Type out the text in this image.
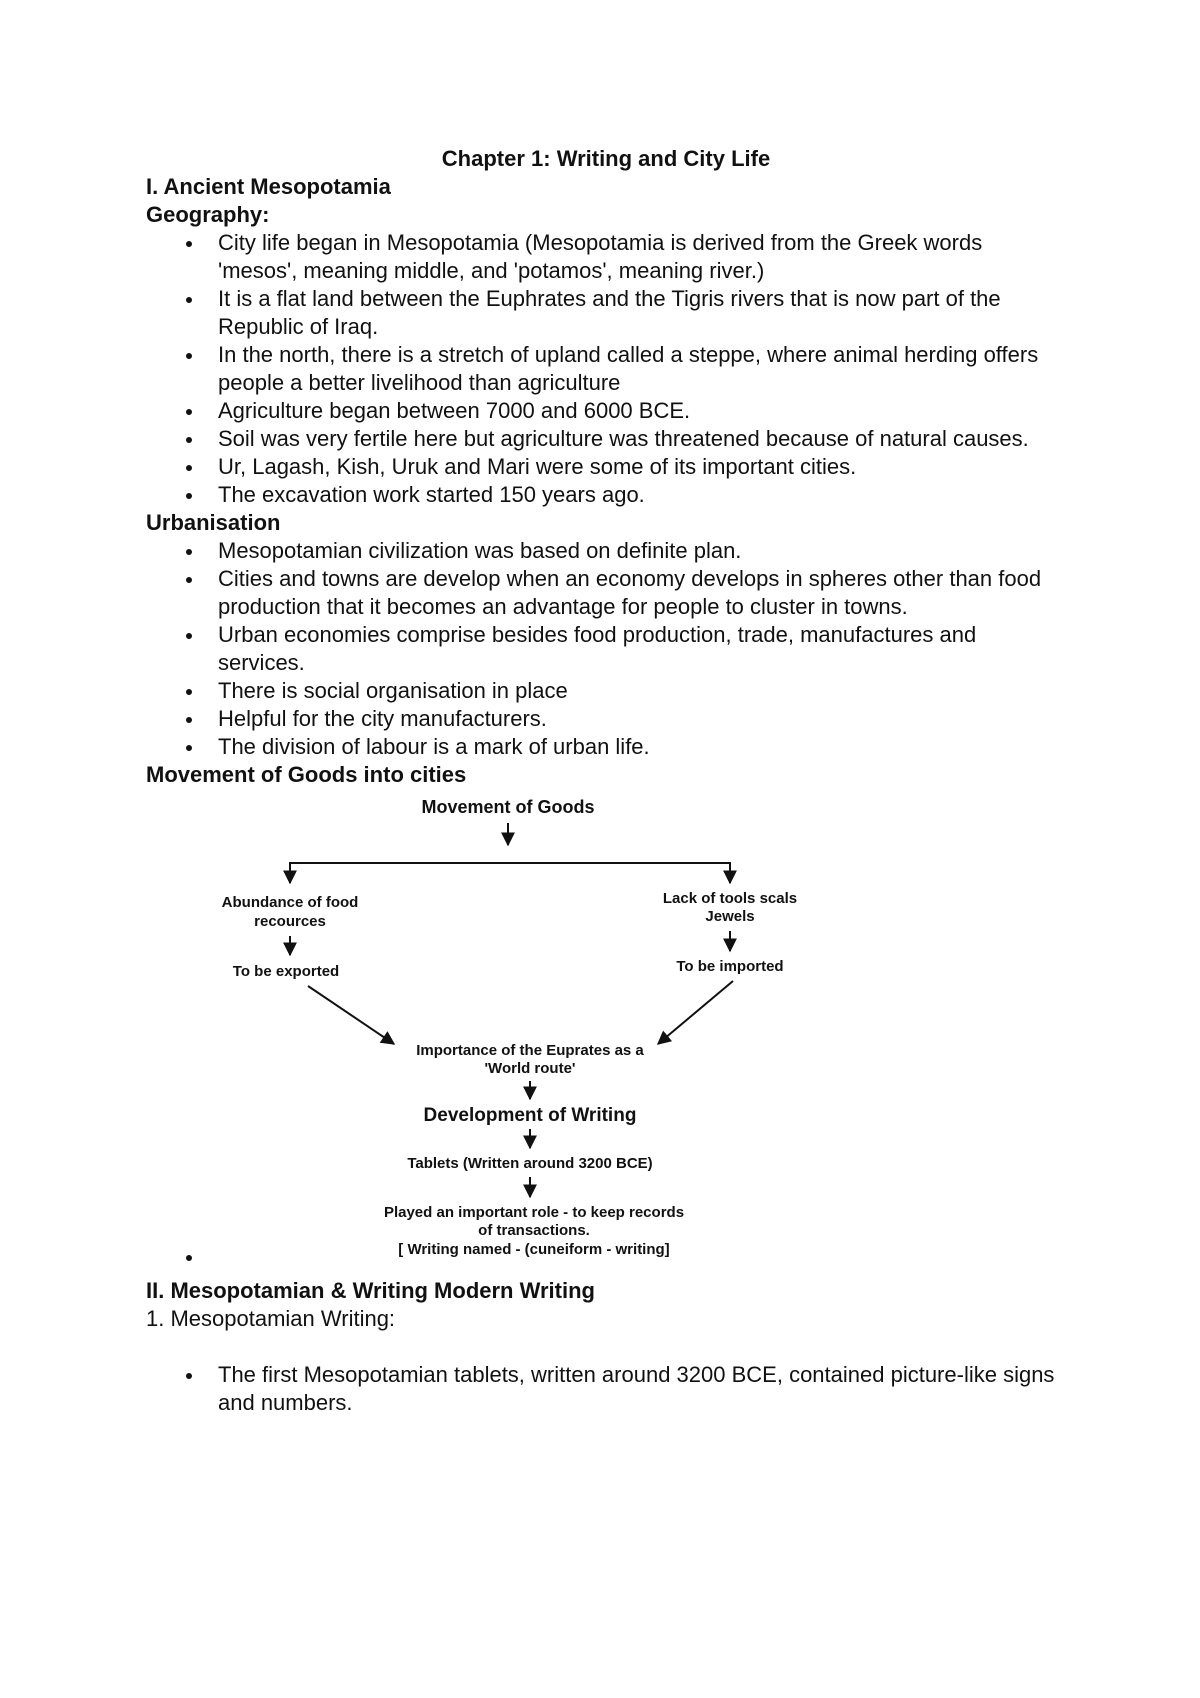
Chapter 1: Writing and City Life
I. Ancient Mesopotamia
Geography:
City life began in Mesopotamia (Mesopotamia is derived from the Greek words 'mesos', meaning middle, and 'potamos', meaning river.)
It is a flat land between the Euphrates and the Tigris rivers that is now part of the Republic of Iraq.
In the north, there is a stretch of upland called a steppe, where animal herding offers people a better livelihood than agriculture
Agriculture began between 7000 and 6000 BCE.
Soil was very fertile here but agriculture was threatened because of natural causes.
Ur, Lagash, Kish, Uruk and Mari were some of its important cities.
The excavation work started 150 years ago.
Urbanisation
Mesopotamian civilization was based on definite plan.
Cities and towns are develop when an economy develops in spheres other than food production that it becomes an advantage for people to cluster in towns.
Urban economies comprise besides food production, trade, manufactures and services.
There is social organisation in place
Helpful for the city manufacturers.
The division of labour is a mark of urban life.
Movement of Goods into cities
Movement of Goods
Abundance of food
recources
To be exported
Lack of tools scals
Jewels
To be imported
Importance of the Euprates as a
'World route'
Development of Writing
Tablets (Written around 3200 BCE)
Played an important role - to keep records
of transactions.
[ Writing named - (cuneiform - writing]
II. Mesopotamian & Writing Modern Writing
1. Mesopotamian Writing:
The first Mesopotamian tablets, written around 3200 BCE, contained picture-like signs and numbers.
